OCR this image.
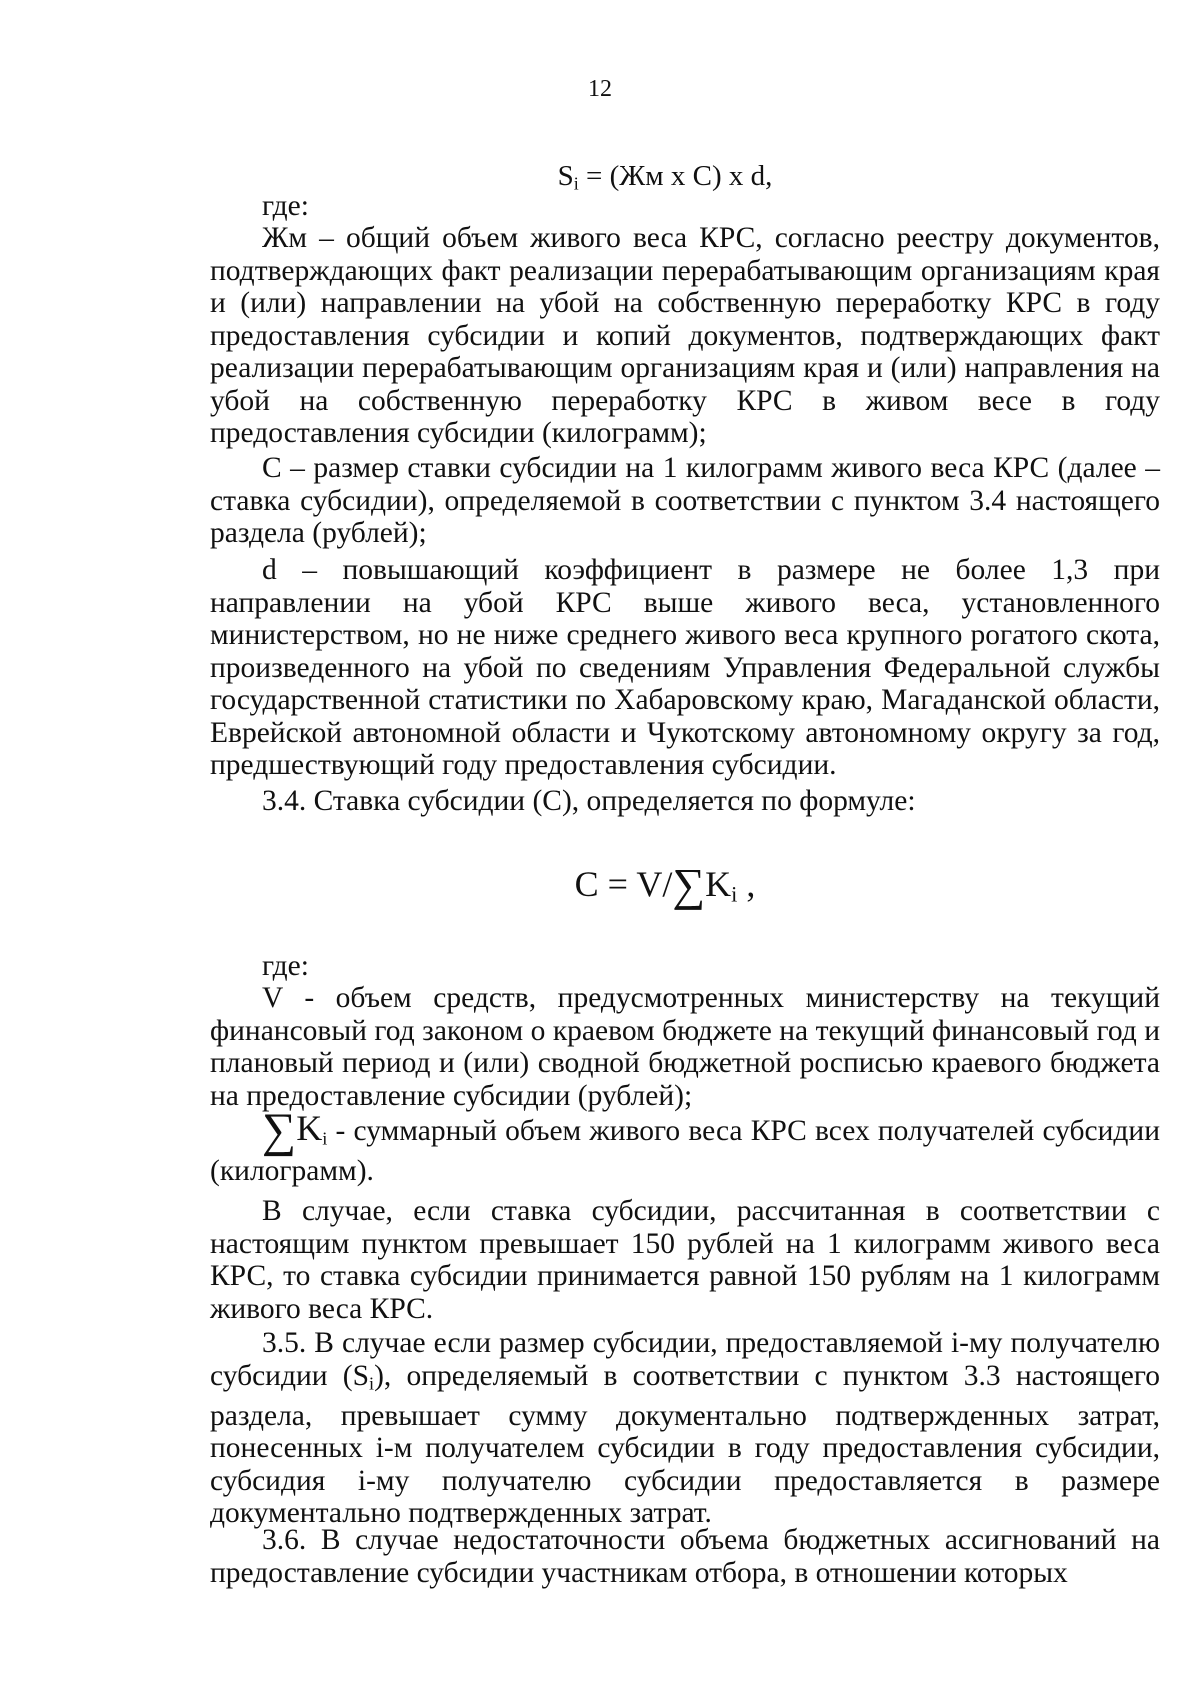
12
$S_i = (Жм$ х С) х d,

где:

Жм – общий объем живого веса КРС, согласно реестру документов, подтверждающих факт реализации перерабатывающим организациям края и (или) направлении на убой на собственную переработку КРС в году предоставления субсидии и копий документов, подтверждающих факт реализации перерабатывающим организациям края и (или) направления на убой на собственную переработку КРС в живом весе в году предоставления субсидии (килограмм);

С – размер ставки субсидии на 1 килограмм живого веса КРС (далее – ставка субсидии), определяемой в соответствии с пунктом 3.4 настоящего раздела (рублей);

d – повышающий коэффициент в размере не более 1,3 при направлении на убой КРС выше живого веса, установленного министерством, но не ниже среднего живого веса крупного рогатого скота, произведенного на убой по сведениям Управления Федеральной службы государственной статистики по Хабаровскому краю, Магаданской области, Еврейской автономной области и Чукотскому автономному округу за год, предшествующий году предоставления субсидии.

3.4. Ставка субсидии (С), определяется по формуле:

$C = V/\sum K_i$ ,

где:

V - объем средств, предусмотренных министерству на текущий финансовый год законом о краевом бюджете на текущий финансовый год и плановый период и (или) сводной бюджетной росписью краевого бюджета на предоставление субсидии (рублей);

$\sum K_i$ - суммарный объем живого веса КРС всех получателей субсидии (килограмм).

В случае, если ставка субсидии, рассчитанная в соответствии с настоящим пунктом превышает 150 рублей на 1 килограмм живого веса КРС, то ставка субсидии принимается равной 150 рублям на 1 килограмм живого веса КРС.

3.5. В случае если размер субсидии, предоставляемой i-му получателю субсидии $(S_i)$, определяемый в соответствии с пунктом 3.3 настоящего раздела, превышает сумму документально подтвержденных затрат, понесенных i-м получателем субсидии в году предоставления субсидии, субсидия i-му получателю субсидии предоставляется в размере документально подтвержденных затрат.

3.6. В случае недостаточности объема бюджетных ассигнований на предоставление субсидии участникам отбора, в отношении которых
